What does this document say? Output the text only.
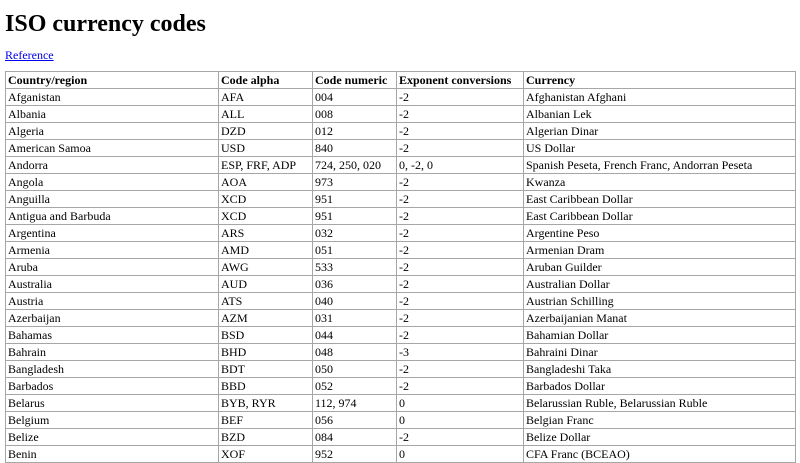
ISO currency codes
Reference
Country/region	Code alpha	Code numeric	Exponent conversions	Currency
Afganistan	AFA	004	-2	Afghanistan Afghani
Albania	ALL	008	-2	Albanian Lek
Algeria	DZD	012	-2	Algerian Dinar
American Samoa	USD	840	-2	US Dollar
Andorra	ESP, FRF, ADP	724, 250, 020	0, -2, 0	Spanish Peseta, French Franc, Andorran Peseta
Angola	AOA	973	-2	Kwanza
Anguilla	XCD	951	-2	East Caribbean Dollar
Antigua and Barbuda	XCD	951	-2	East Caribbean Dollar
Argentina	ARS	032	-2	Argentine Peso
Armenia	AMD	051	-2	Armenian Dram
Aruba	AWG	533	-2	Aruban Guilder
Australia	AUD	036	-2	Australian Dollar
Austria	ATS	040	-2	Austrian Schilling
Azerbaijan	AZM	031	-2	Azerbaijanian Manat
Bahamas	BSD	044	-2	Bahamian Dollar
Bahrain	BHD	048	-3	Bahraini Dinar
Bangladesh	BDT	050	-2	Bangladeshi Taka
Barbados	BBD	052	-2	Barbados Dollar
Belarus	BYB, RYR	112, 974	0	Belarussian Ruble, Belarussian Ruble
Belgium	BEF	056	0	Belgian Franc
Belize	BZD	084	-2	Belize Dollar
Benin	XOF	952	0	CFA Franc (BCEAO)
